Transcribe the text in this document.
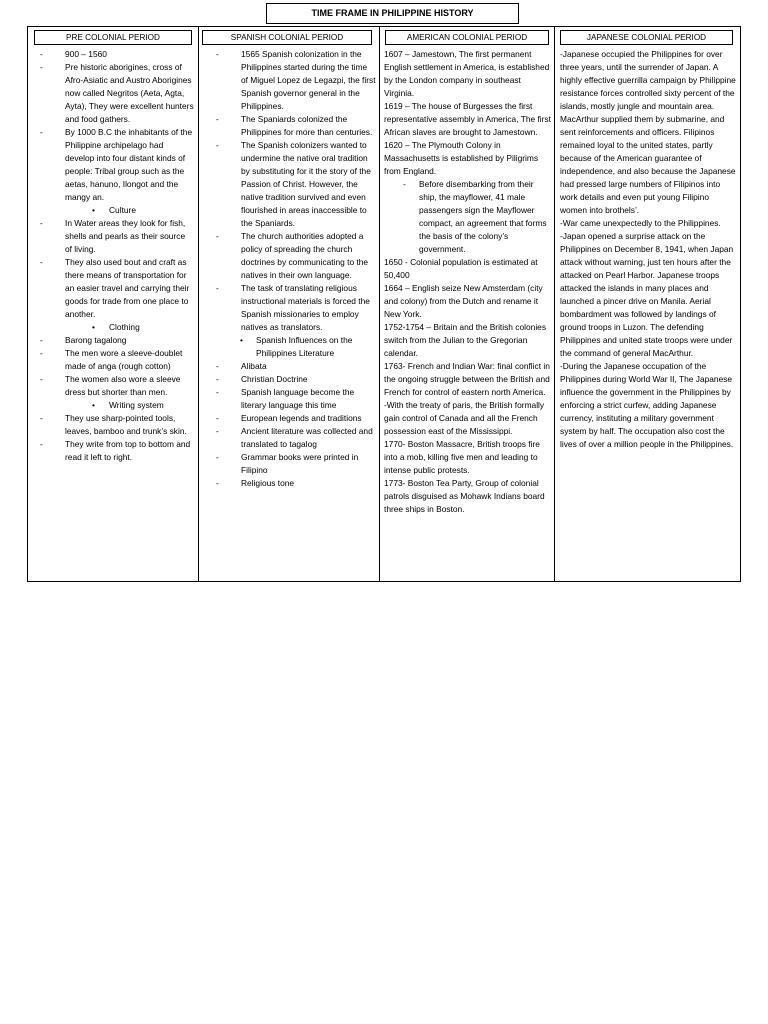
TIME FRAME IN PHILIPPINE HISTORY
PRE COLONIAL PERIOD
- 900 – 1560
- Pre historic aborigines, cross of Afro-Asiatic and Austro Aborigines now called Negritos (Aeta, Agta, Ayta), They were excellent hunters and food gathers.
- By 1000 B.C the inhabitants of the Philippine archipelago had develop into four distant kinds of people: Tribal group such as the aetas, hanuno, Ilongot and the mangy an.
• Culture
- In Water areas they look for fish, shells and pearls as their source of living.
- They also used bout and craft as there means of transportation for an easier travel and carrying their goods for trade from one place to another.
• Clothing
- Barong tagalong
- The men wore a sleeve-doublet made of anga (rough cotton)
- The women also wore a sleeve dress but shorter than men.
• Writing system
- They use sharp-pointed tools, leaves, bamboo and trunk’s skin.
- They write from top to bottom and read it left to right.
SPANISH COLONIAL PERIOD
- 1565 Spanish colonization in the Philippines started during the time of Miguel Lopez de Legazpi, the first Spanish governor general in the Philippines.
- The Spaniards colonized the Philippines for more than centuries.
- The Spanish colonizers wanted to undermine the native oral tradition by substituting for it the story of the Passion of Christ. However, the native tradition survived and even flourished in areas inaccessible to the Spaniards.
- The church authorities adopted a policy of spreading the church doctrines by communicating to the natives in their own language.
- The task of translating religious instructional materials is forced the Spanish missionaries to employ natives as translators.
• Spanish Influences on the Philippines Literature
- Alibata
- Christian Doctrine
- Spanish language become the literary language this time
- European legends and traditions
- Ancient literature was collected and translated to tagalog
- Grammar books were printed in Filipino
- Religious tone
AMERICAN COLONIAL PERIOD

1607 – Jamestown, The first permanent English settlement in America, is established by the London company in southeast Virginia.

1619 – The house of Burgesses the first representative assembly in America, The first African slaves are brought to Jamestown.

1620 – The Plymouth Colony in Massachusetts is established by Piligrims from England.

- Before disembarking from their ship, the mayflower, 41 male passengers sign the Mayflower compact, an agreement that forms the basis of the colony’s government.

1650 - Colonial population is estimated at 50,400

1664 – English seize New Amsterdam (city and colony) from the Dutch and rename it New York.

1752-1754 – Britain and the British colonies switch from the Julian to the Gregorian calendar.

1763- French and Indian War: final conflict in the ongoing struggle between the British and French for control of eastern north America.

-With the treaty of paris, the British formally gain control of Canada and all the French possession east of the Mississippi.

1770- Boston Massacre, British troops fire into a mob, killing five men and leading to intense public protests.

1773- Boston Tea Party, Group of colonial patrols disguised as Mohawk Indians board three ships in Boston.

JAPANESE COLONIAL PERIOD

-Japanese occupied the Philippines for over three years, until the surrender of Japan. A highly effective guerrilla campaign by Philippine resistance forces controlled sixty percent of the islands, mostly jungle and mountain area. MacArthur supplied them by submarine, and sent reinforcements and officers. Filipinos remained loyal to the united states, partly because of the American guarantee of independence, and also because the Japanese had pressed large numbers of Filipinos into work details and even put young Filipino women into brothels’.

-War came unexpectedly to the Philippines.

-Japan opened a surprise attack on the Philippines on December 8, 1941, when Japan attack without warning, just ten hours after the attacked on Pearl Harbor. Japanese troops attacked the islands in many places and launched a pincer drive on Manila. Aerial bombardment was followed by landings of ground troops in Luzon. The defending Philippines and united state troops were under the command of general MacArthur.

-During the Japanese occupation of the Philippines during World War II, The Japanese influence the government in the Philippines by enforcing a strict curfew, adding Japanese currency, instituting a military government system by half. The occupation also cost the lives of over a million people in the Philippines.
